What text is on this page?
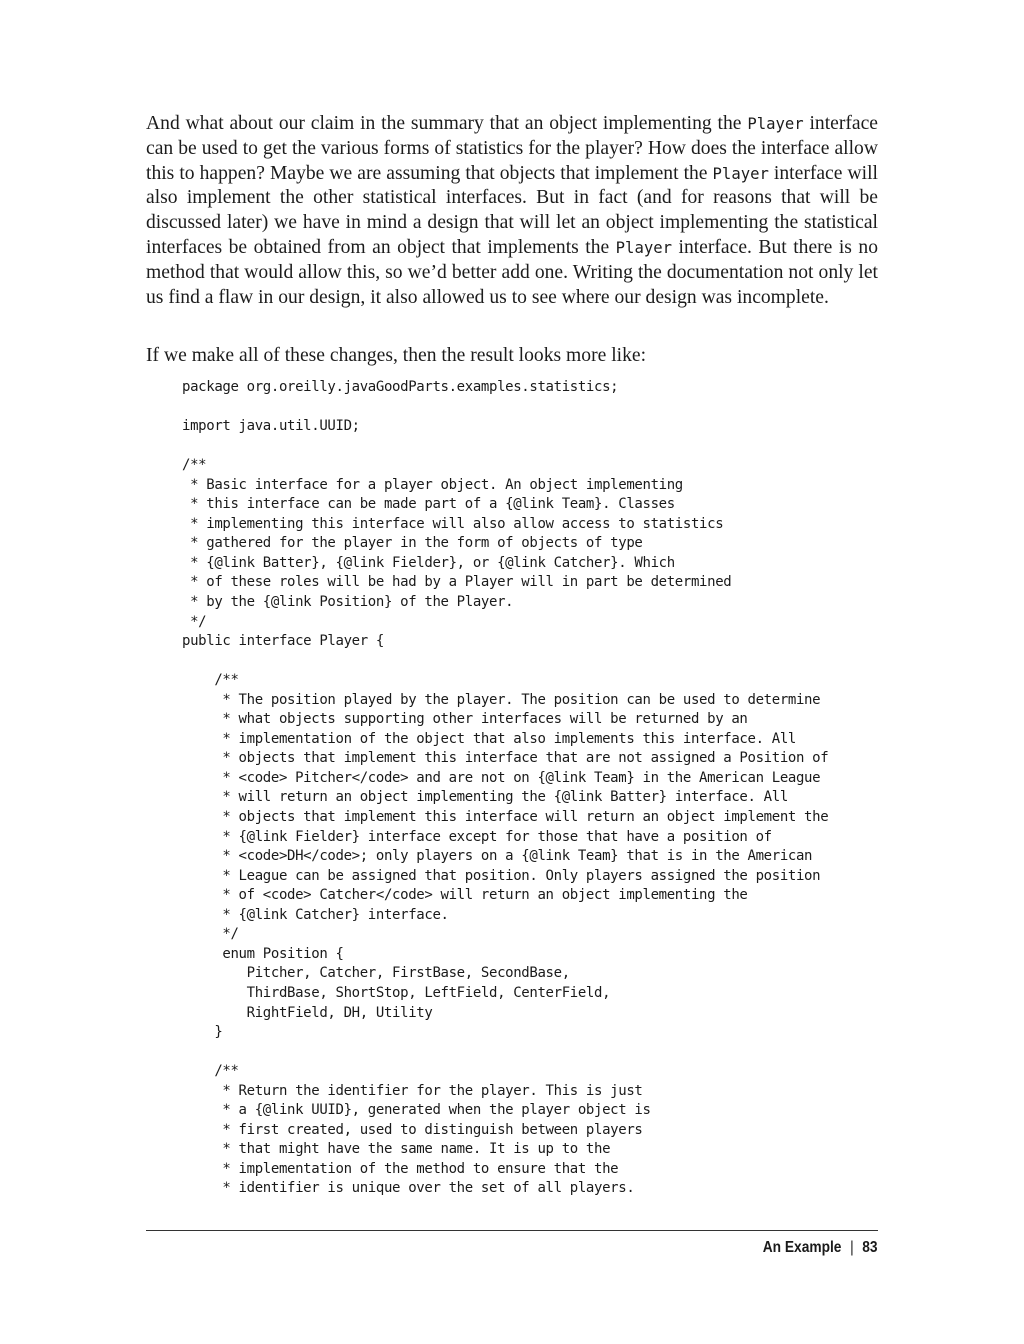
And what about our claim in the summary that an object implementing the Player interface can be used to get the various forms of statistics for the player? How does the interface allow this to happen? Maybe we are assuming that objects that implement the Player interface will also implement the other statistical interfaces. But in fact (and for reasons that will be discussed later) we have in mind a design that will let an object implementing the statistical interfaces be obtained from an object that implements the Player interface. But there is no method that would allow this, so we’d better add one. Writing the documentation not only let us find a flaw in our design, it also allowed us to see where our design was incomplete.

If we make all of these changes, then the result looks more like:

package org.oreilly.javaGoodParts.examples.statistics;
import java.util.UUID;
/**
* Basic interface for a player object. An object implementing
* this interface can be made part of a {@link Team}. Classes
* implementing this interface will also allow access to statistics
* gathered for the player in the form of objects of type
* {@link Batter}, {@link Fielder}, or {@link Catcher}. Which
* of these roles will be had by a Player will in part be determined
* by the {@link Position} of the Player.
*/
public interface Player {
/**
* The position played by the player. The position can be used to determine
* what objects supporting other interfaces will be returned by an
* implementation of the object that also implements this interface. All
* objects that implement this interface that are not assigned a Position of
* <code> Pitcher</code> and are not on {@link Team} in the American League
* will return an object implementing the {@link Batter} interface. All
* objects that implement this interface will return an object implement the
* {@link Fielder} interface except for those that have a position of
* <code>DH</code>; only players on a {@link Team} that is in the American
* League can be assigned that position. Only players assigned the position
* of <code> Catcher</code> will return an object implementing the
* {@link Catcher} interface.
*/
enum Position {
Pitcher, Catcher, FirstBase, SecondBase,
ThirdBase, ShortStop, LeftField, CenterField,
RightField, DH, Utility
}
/**
* Return the identifier for the player. This is just
* a {@link UUID}, generated when the player object is
* first created, used to distinguish between players
* that might have the same name. It is up to the
* implementation of the method to ensure that the
* identifier is unique over the set of all players.
An Example | 83
